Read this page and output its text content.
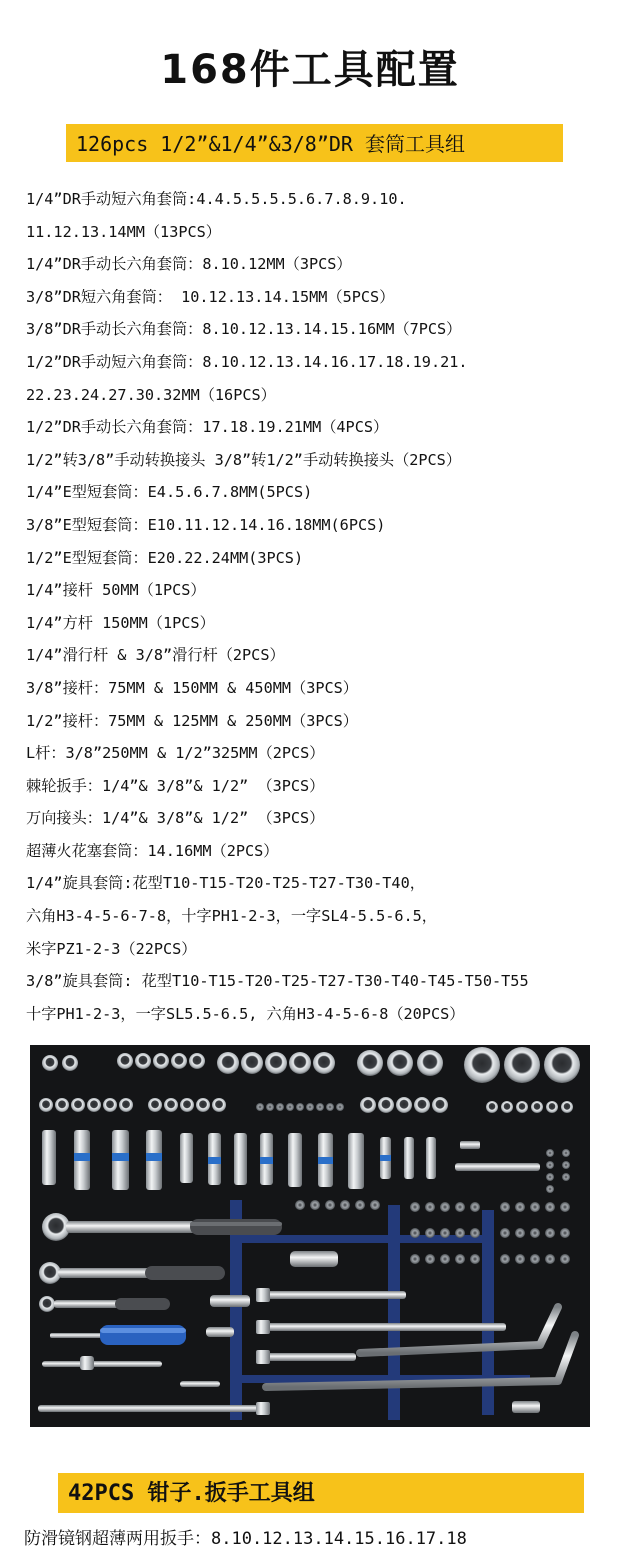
168件工具配置
126pcs 1/2”&1/4”&3/8”DR 套筒工具组
1/4”DR手动短六角套筒:4.4.5.5.5.5.6.7.8.9.10.
11.12.13.14MM（13PCS）
1/4”DR手动长六角套筒：8.10.12MM（3PCS）
3/8”DR短六角套筒： 10.12.13.14.15MM（5PCS）
3/8”DR手动长六角套筒：8.10.12.13.14.15.16MM（7PCS）
1/2”DR手动短六角套筒：8.10.12.13.14.16.17.18.19.21.
22.23.24.27.30.32MM（16PCS）
1/2”DR手动长六角套筒：17.18.19.21MM（4PCS）
1/2”转3/8”手动转换接头 3/8”转1/2”手动转换接头（2PCS）
1/4”E型短套筒：E4.5.6.7.8MM(5PCS)
3/8”E型短套筒：E10.11.12.14.16.18MM(6PCS)
1/2”E型短套筒：E20.22.24MM(3PCS)
1/4”接杆 50MM（1PCS）
1/4”方杆 150MM（1PCS）
1/4”滑行杆 & 3/8”滑行杆（2PCS）
3/8”接杆：75MM & 150MM & 450MM（3PCS）
1/2”接杆：75MM & 125MM & 250MM（3PCS）
L杆：3/8”250MM & 1/2”325MM（2PCS）
棘轮扳手：1/4”& 3/8”& 1/2” （3PCS）
万向接头：1/4”& 3/8”& 1/2” （3PCS）
超薄火花塞套筒：14.16MM（2PCS）
1/4”旋具套筒:花型T10-T15-T20-T25-T27-T30-T40，
六角H3-4-5-6-7-8，十字PH1-2-3，一字SL4-5.5-6.5，
米字PZ1-2-3（22PCS）
3/8”旋具套筒: 花型T10-T15-T20-T25-T27-T30-T40-T45-T50-T55
十字PH1-2-3，一字SL5.5-6.5, 六角H3-4-5-6-8（20PCS）
42PCS 钳子.扳手工具组
防滑镜钢超薄两用扳手：8.10.12.13.14.15.16.17.18
